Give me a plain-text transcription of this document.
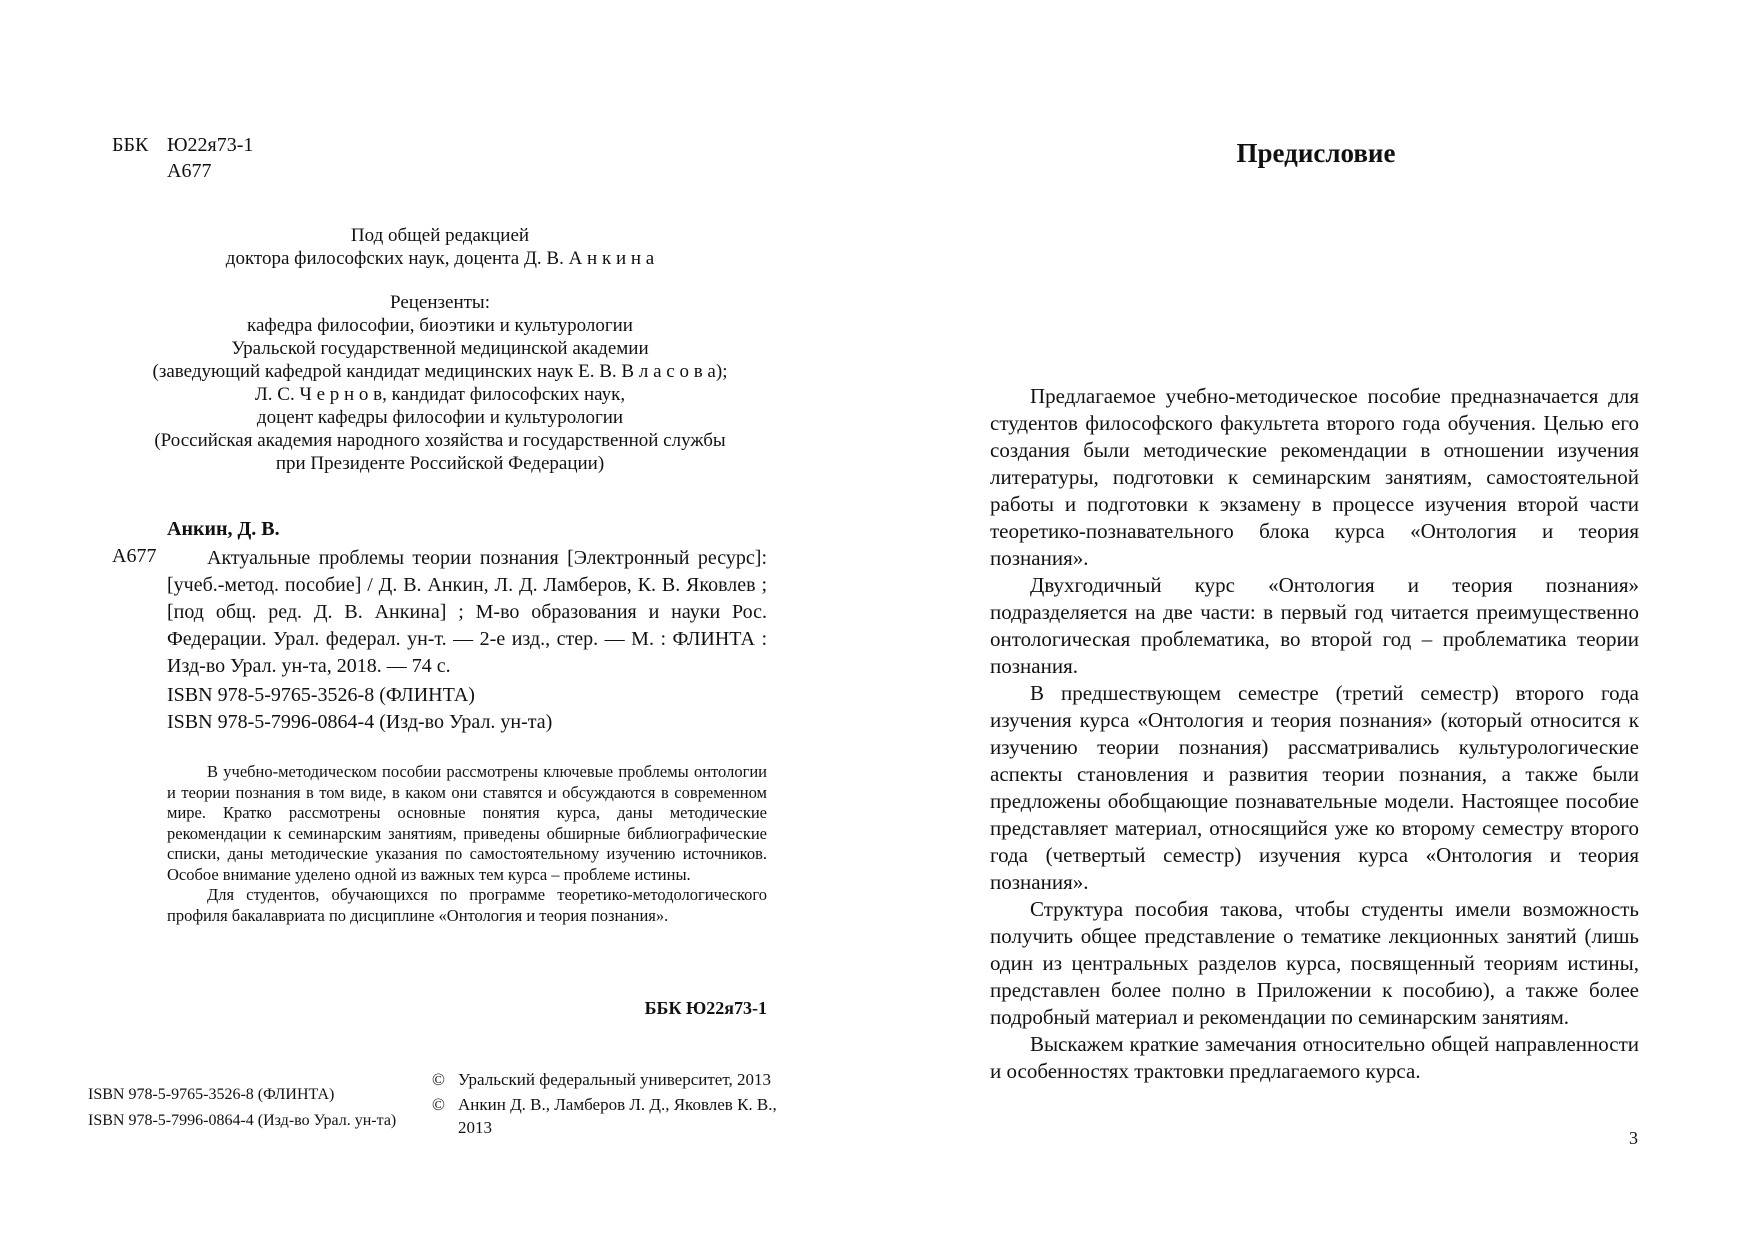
ББК Ю22я73-1
А677
Под общей редакцией
доктора философских наук, доцента Д. В. А н к и н а
Рецензенты:
кафедра философии, биоэтики и культурологии
Уральской государственной медицинской академии
(заведующий кафедрой кандидат медицинских наук Е. В. В л а с о в а);
Л. С. Ч е р н о в, кандидат философских наук,
доцент кафедры философии и культурологии
(Российская академия народного хозяйства и государственной службы
при Президенте Российской Федерации)
Анкин, Д. В.
А677	Актуальные проблемы теории познания [Электронный ресурс]: [учеб.-метод. пособие] / Д. В. Анкин, Л. Д. Ламберов, К. В. Яковлев ; [под общ. ред. Д. В. Анкина] ; М-во образования и науки Рос. Федерации. Урал. федерал. ун-т. — 2-е изд., стер. — М. : ФЛИНТА : Изд-во Урал. ун-та, 2018. — 74 с.
ISBN 978-5-9765-3526-8 (ФЛИНТА)
ISBN 978-5-7996-0864-4 (Изд-во Урал. ун-та)

В учебно-методическом пособии рассмотрены ключевые проблемы онтологии и теории познания в том виде, в каком они ставятся и обсуждаются в современном мире. Кратко рассмотрены основные понятия курса, даны методические рекомендации к семинарским занятиям, приведены обширные библиографические списки, даны методические указания по самостоятельному изучению источников. Особое внимание уделено одной из важных тем курса – проблеме истины.

Для студентов, обучающихся по программе теоретико-методологического профиля бакалавриата по дисциплине «Онтология и теория познания».

ББК Ю22я73-1
ISBN 978-5-9765-3526-8 (ФЛИНТА)
ISBN 978-5-7996-0864-4 (Изд-во Урал. ун-та)
© Уральский федеральный университет, 2013
© Анкин Д. В., Ламберов Л. Д., Яковлев К. В., 2013
Предисловие

Предлагаемое учебно-методическое пособие предназначается для студентов философского факультета второго года обучения. Целью его создания были методические рекомендации в отношении изучения литературы, подготовки к семинарским занятиям, самостоятельной работы и подготовки к экзамену в процессе изучения второй части теоретико-познавательного блока курса «Онтология и теория познания».

Двухгодичный курс «Онтология и теория познания» подразделяется на две части: в первый год читается преимущественно онтологическая проблематика, во второй год – проблематика теории познания.

В предшествующем семестре (третий семестр) второго года изучения курса «Онтология и теория познания» (который относится к изучению теории познания) рассматривались культурологические аспекты становления и развития теории познания, а также были предложены обобщающие познавательные модели. Настоящее пособие представляет материал, относящийся уже ко второму семестру второго года (четвертый семестр) изучения курса «Онтология и теория познания».

Структура пособия такова, чтобы студенты имели возможность получить общее представление о тематике лекционных занятий (лишь один из центральных разделов курса, посвященный теориям истины, представлен более полно в Приложении к пособию), а также более подробный материал и рекомендации по семинарским занятиям.

Выскажем краткие замечания относительно общей направленности и особенностях трактовки предлагаемого курса.

3
